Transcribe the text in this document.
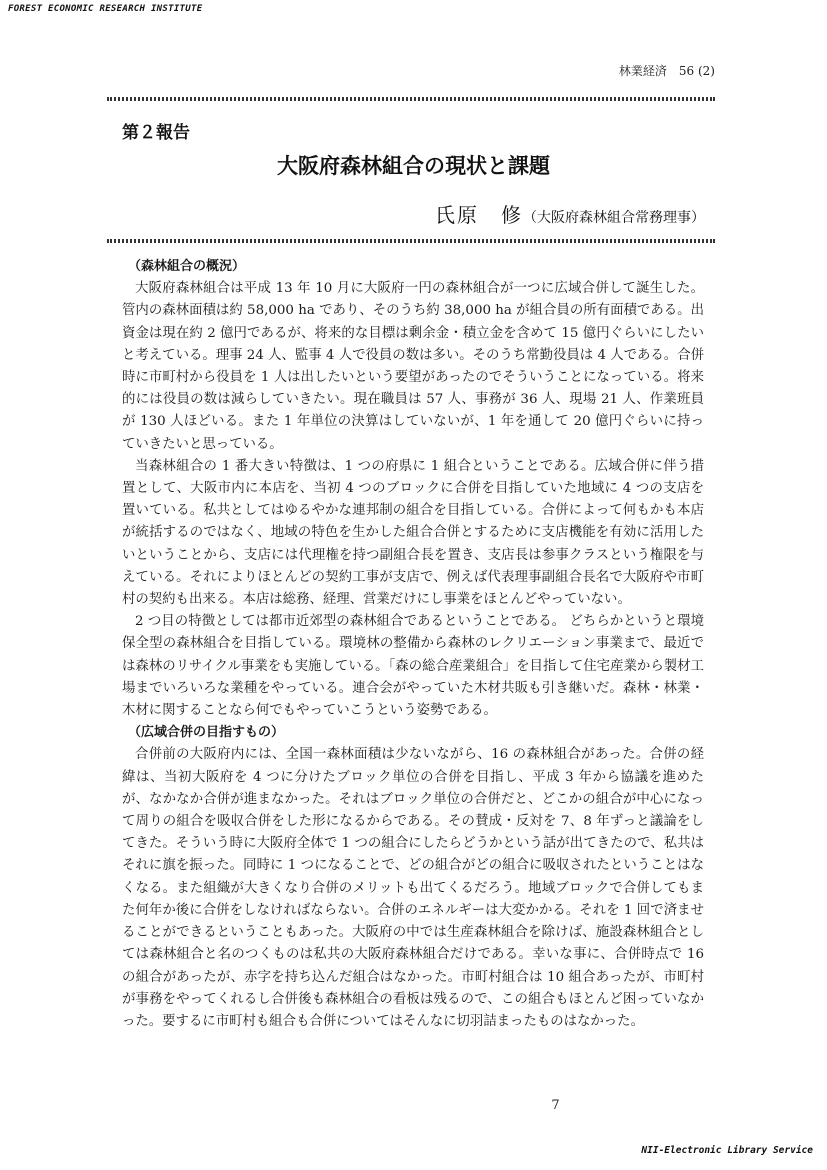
FOREST ECONOMIC RESEARCH INSTITUTE
林業経済　56 (2)
第２報告
大阪府森林組合の現状と課題
氏原　修（大阪府森林組合常務理事）

（森林組合の概況）

大阪府森林組合は平成 13 年 10 月に大阪府一円の森林組合が一つに広域合併して誕生した。管内の森林面積は約 58,000 ha であり、そのうち約 38,000 ha が組合員の所有面積である。出資金は現在約 2 億円であるが、将来的な目標は剰余金・積立金を含めて 15 億円ぐらいにしたいと考えている。理事 24 人、監事 4 人で役員の数は多い。そのうち常勤役員は 4 人である。合併時に市町村から役員を 1 人は出したいという要望があったのでそういうことになっている。将来的には役員の数は減らしていきたい。現在職員は 57 人、事務が 36 人、現場 21 人、作業班員が 130 人ほどいる。また 1 年単位の決算はしていないが、1 年を通して 20 億円ぐらいに持っていきたいと思っている。

当森林組合の 1 番大きい特徴は、1 つの府県に 1 組合ということである。広域合併に伴う措置として、大阪市内に本店を、当初 4 つのブロックに合併を目指していた地域に 4 つの支店を置いている。私共としてはゆるやかな連邦制の組合を目指している。合併によって何もかも本店が統括するのではなく、地域の特色を生かした組合合併とするために支店機能を有効に活用したいということから、支店には代理権を持つ副組合長を置き、支店長は参事クラスという権限を与えている。それによりほとんどの契約工事が支店で、例えば代表理事副組合長名で大阪府や市町村の契約も出来る。本店は総務、経理、営業だけにし事業をほとんどやっていない。

2 つ目の特徴としては都市近郊型の森林組合であるということである。 どちらかというと環境保全型の森林組合を目指している。環境林の整備から森林のレクリエーション事業まで、最近では森林のリサイクル事業をも実施している。「森の総合産業組合」を目指して住宅産業から製材工場までいろいろな業種をやっている。連合会がやっていた木材共販も引き継いだ。森林・林業・木材に関することなら何でもやっていこうという姿勢である。

（広域合併の目指すもの）

合併前の大阪府内には、全国一森林面積は少ないながら、16 の森林組合があった。合併の経緯は、当初大阪府を 4 つに分けたブロック単位の合併を目指し、平成 3 年から協議を進めたが、なかなか合併が進まなかった。それはブロック単位の合併だと、どこかの組合が中心になって周りの組合を吸収合併をした形になるからである。その賛成・反対を 7、8 年ずっと議論をしてきた。そういう時に大阪府全体で 1 つの組合にしたらどうかという話が出てきたので、私共はそれに旗を振った。同時に 1 つになることで、どの組合がどの組合に吸収されたということはなくなる。また組織が大きくなり合併のメリットも出てくるだろう。地域ブロックで合併してもまた何年か後に合併をしなければならない。合併のエネルギーは大変かかる。それを 1 回で済ませることができるということもあった。大阪府の中では生産森林組合を除けば、施設森林組合としては森林組合と名のつくものは私共の大阪府森林組合だけである。幸いな事に、合併時点で 16 の組合があったが、赤字を持ち込んだ組合はなかった。市町村組合は 10 組合あったが、市町村が事務をやってくれるし合併後も森林組合の看板は残るので、この組合もほとんど困っていなかった。要するに市町村も組合も合併についてはそんなに切羽詰まったものはなかった。

7
NII-Electronic Library Service
